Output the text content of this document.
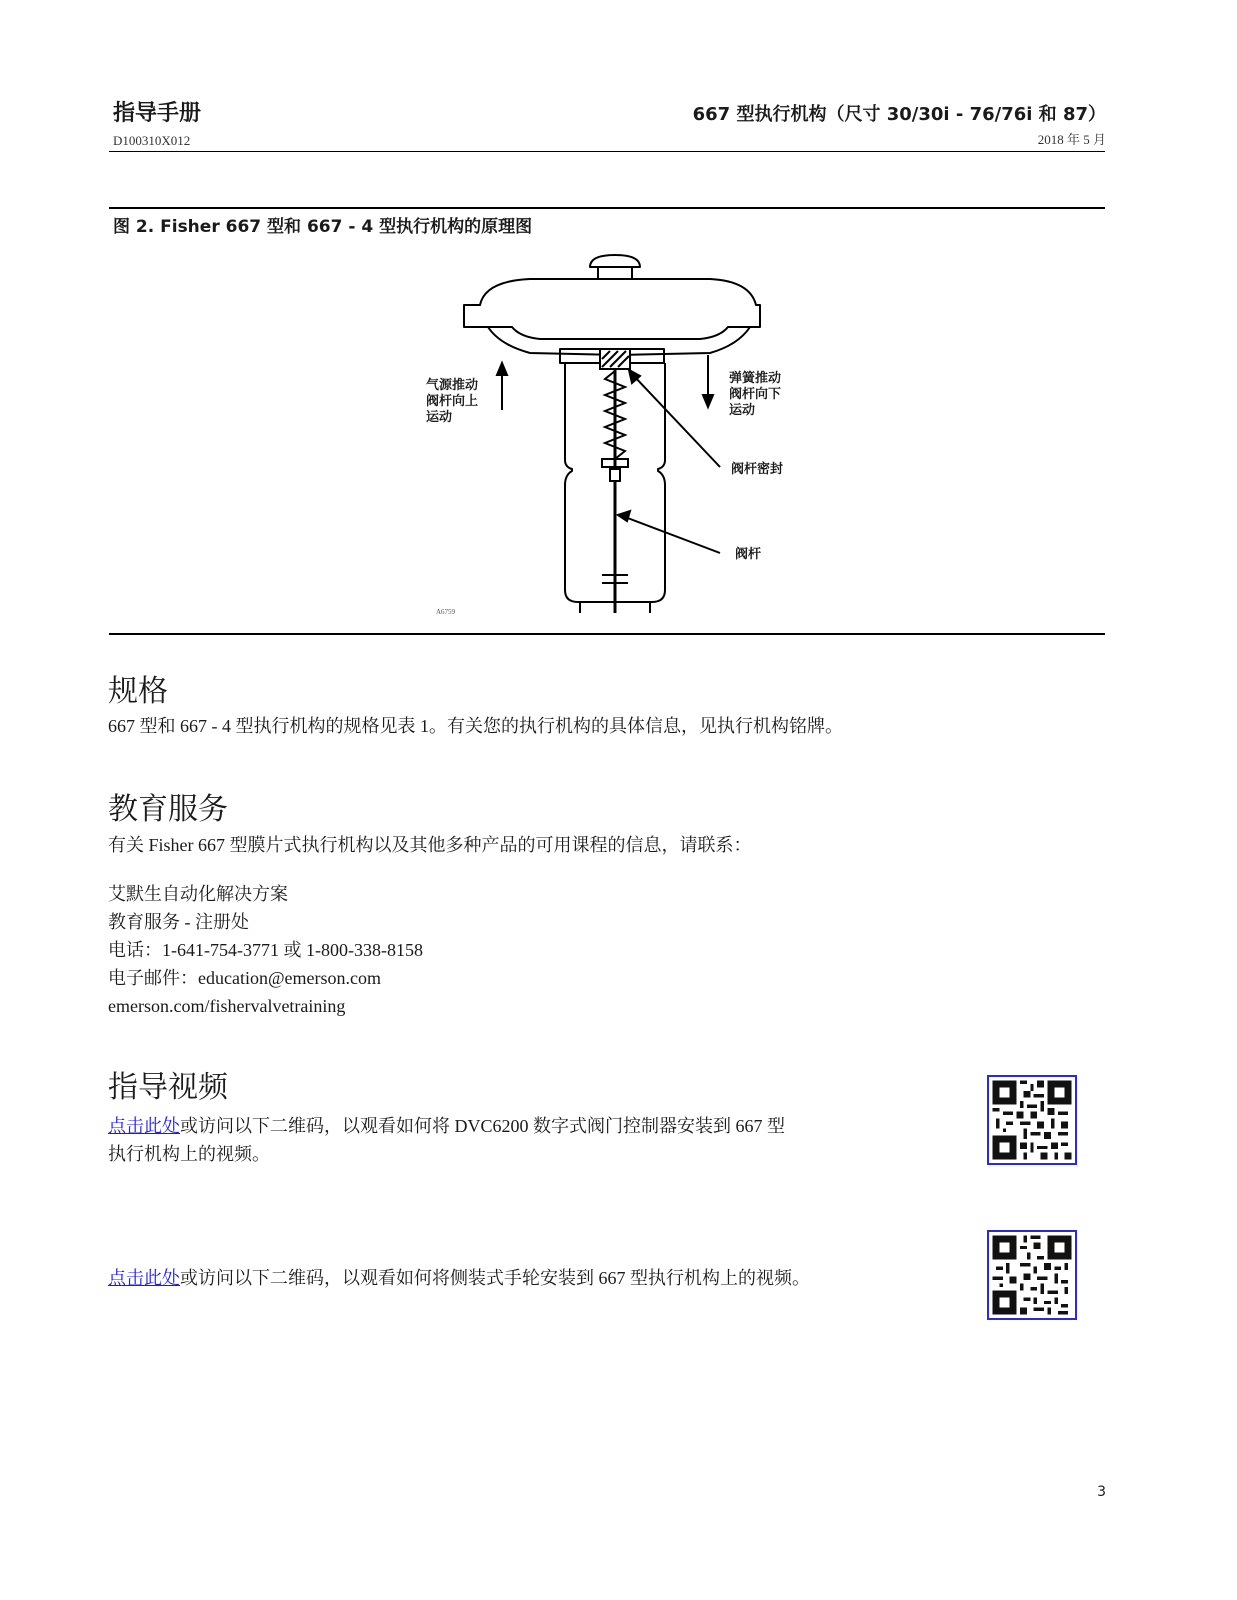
指导手册
D100310X012
667 型执行机构（尺寸 30/30i - 76/76i 和 87）
2018 年 5 月
图 2. Fisher 667 型和 667 - 4 型执行机构的原理图
气源推动
阀杆向上
运动
弹簧推动
阀杆向下
运动
阀杆密封
阀杆
A6759
规格
667 型和 667 - 4 型执行机构的规格见表 1。有关您的执行机构的具体信息，见执行机构铭牌。
教育服务
有关 Fisher 667 型膜片式执行机构以及其他多种产品的可用课程的信息，请联系：
艾默生自动化解决方案
教育服务 - 注册处
电话：1-641-754-3771 或 1-800-338-8158
电子邮件：education@emerson.com
emerson.com/fishervalvetraining
指导视频
点击此处或访问以下二维码，以观看如何将 DVC6200 数字式阀门控制器安装到 667 型
执行机构上的视频。
点击此处或访问以下二维码，以观看如何将侧装式手轮安装到 667 型执行机构上的视频。
3
